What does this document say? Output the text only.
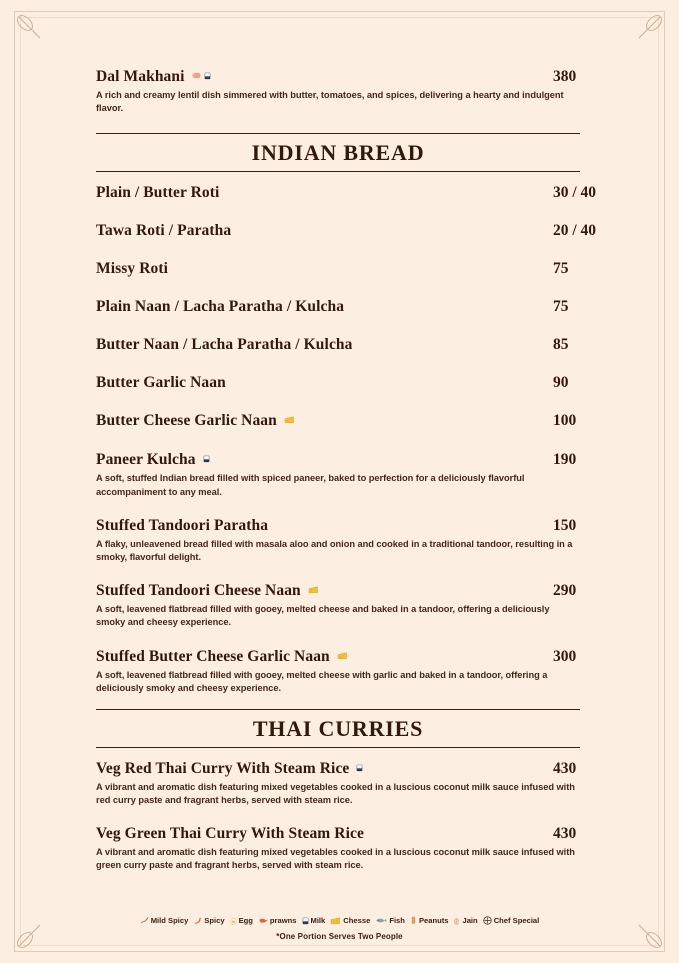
Dal Makhani	380
A rich and creamy lentil dish simmered with butter, tomatoes, and spices, delivering a hearty and indulgent flavor.
INDIAN BREAD
Plain / Butter Roti	30 / 40
Tawa Roti / Paratha	20 / 40
Missy Roti	75
Plain Naan / Lacha Paratha / Kulcha	75
Butter Naan / Lacha Paratha / Kulcha	85
Butter Garlic Naan	90
Butter Cheese Garlic Naan	100
Paneer Kulcha	190
A soft, stuffed Indian bread filled with spiced paneer, baked to perfection for a deliciously flavorful accompaniment to any meal.
Stuffed Tandoori Paratha	150
A flaky, unleavened bread filled with masala aloo and onion and cooked in a traditional tandoor, resulting in a smoky, flavorful delight.
Stuffed Tandoori Cheese Naan	290
A soft, leavened flatbread filled with gooey, melted cheese and baked in a tandoor, offering a deliciously smoky and cheesy experience.
Stuffed Butter Cheese Garlic Naan	300
A soft, leavened flatbread filled with gooey, melted cheese with garlic and baked in a tandoor, offering a deliciously smoky and cheesy experience.
THAI CURRIES
Veg Red Thai Curry With Steam Rice	430
A vibrant and aromatic dish featuring mixed vegetables cooked in a luscious coconut milk sauce infused with red curry paste and fragrant herbs, served with steam rice.
Veg Green Thai Curry With Steam Rice	430
A vibrant and aromatic dish featuring mixed vegetables cooked in a luscious coconut milk sauce infused with green curry paste and fragrant herbs, served with steam rice.
Mild Spicy Spicy Egg prawns Milk Chesse	Fish Peanuts Jain Chef Special
*One Portion Serves Two People
